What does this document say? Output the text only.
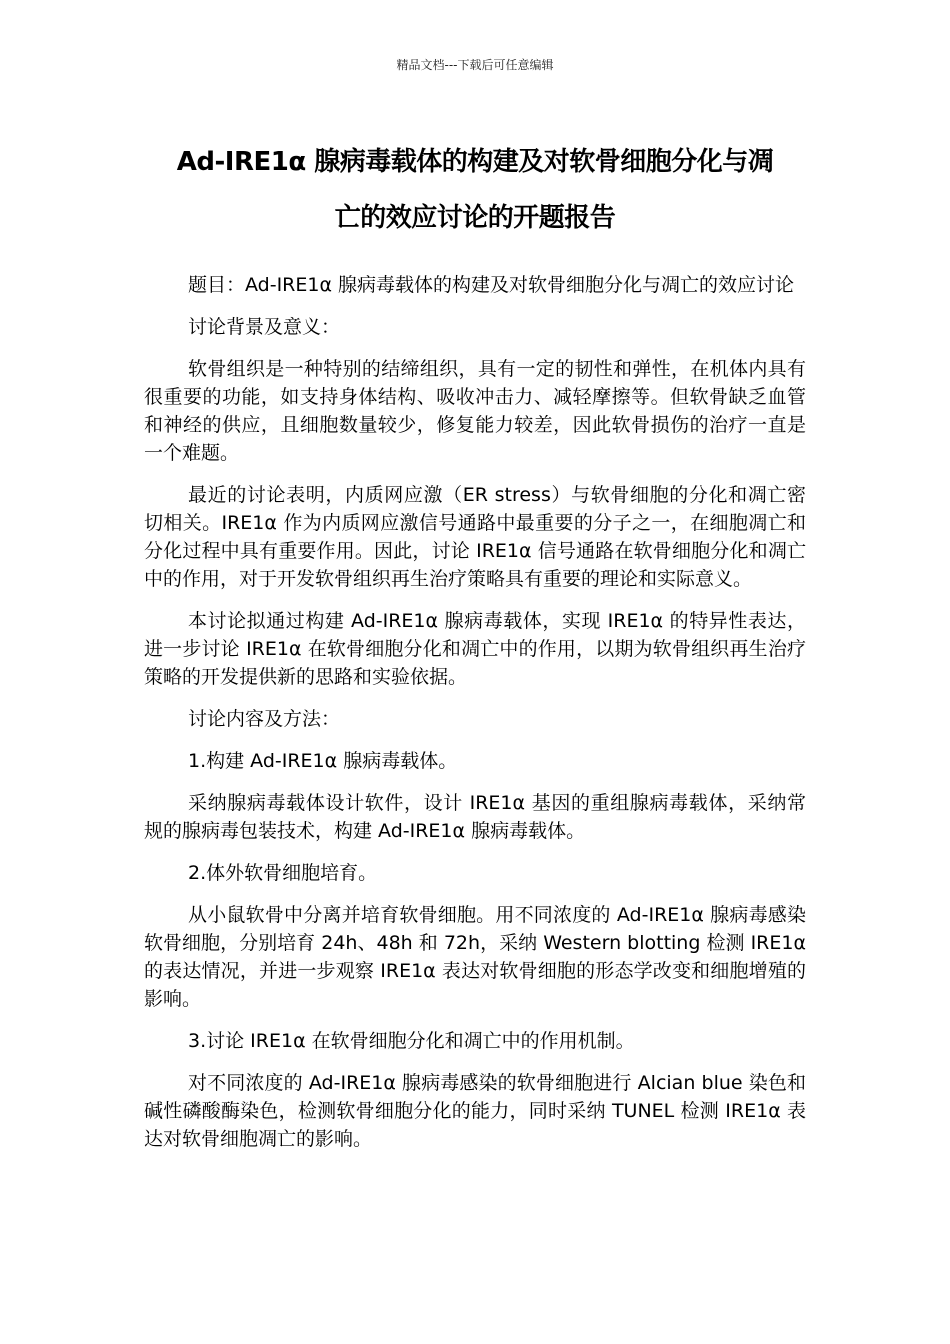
精品文档---下载后可任意编辑
Ad-IRE1α 腺病毒载体的构建及对软骨细胞分化与凋
亡的效应讨论的开题报告

题目：Ad-IRE1α 腺病毒载体的构建及对软骨细胞分化与凋亡的效应讨论

讨论背景及意义：

软骨组织是一种特别的结缔组织，具有一定的韧性和弹性，在机体内具有很重要的功能，如支持身体结构、吸收冲击力、减轻摩擦等。但软骨缺乏血管和神经的供应，且细胞数量较少，修复能力较差，因此软骨损伤的治疗一直是一个难题。

最近的讨论表明，内质网应激（ER stress）与软骨细胞的分化和凋亡密切相关。IRE1α 作为内质网应激信号通路中最重要的分子之一，在细胞凋亡和分化过程中具有重要作用。因此，讨论 IRE1α 信号通路在软骨细胞分化和凋亡中的作用，对于开发软骨组织再生治疗策略具有重要的理论和实际意义。

本讨论拟通过构建 Ad-IRE1α 腺病毒载体，实现 IRE1α 的特异性表达，进一步讨论 IRE1α 在软骨细胞分化和凋亡中的作用，以期为软骨组织再生治疗策略的开发提供新的思路和实验依据。

讨论内容及方法：

1.构建 Ad-IRE1α 腺病毒载体。

采纳腺病毒载体设计软件，设计 IRE1α 基因的重组腺病毒载体，采纳常规的腺病毒包装技术，构建 Ad-IRE1α 腺病毒载体。

2.体外软骨细胞培育。

从小鼠软骨中分离并培育软骨细胞。用不同浓度的 Ad-IRE1α 腺病毒感染软骨细胞，分别培育 24h、48h 和 72h，采纳 Western blotting 检测 IRE1α 的表达情况，并进一步观察 IRE1α 表达对软骨细胞的形态学改变和细胞增殖的影响。

3.讨论 IRE1α 在软骨细胞分化和凋亡中的作用机制。

对不同浓度的 Ad-IRE1α 腺病毒感染的软骨细胞进行 Alcian blue 染色和碱性磷酸酶染色，检测软骨细胞分化的能力，同时采纳 TUNEL 检测 IRE1α 表达对软骨细胞凋亡的影响。
